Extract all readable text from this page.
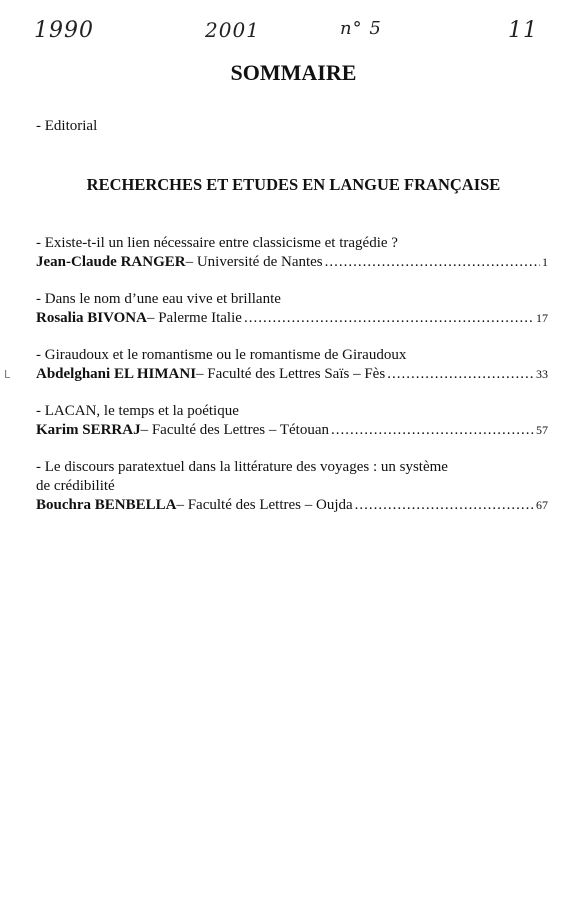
1990	2001	n° 5	11
SOMMAIRE
- Editorial
RECHERCHES ET ETUDES EN LANGUE FRANÇAISE
L
- Existe-t-il un lien nécessaire entre classicisme et tragédie ?
Jean-Claude RANGER – Université de Nantes .....	1
- Dans le nom d’une eau vive et brillante
Rosalia BIVONA – Palerme Italie .....	17
- Giraudoux et le romantisme ou le romantisme de Giraudoux
Abdelghani EL HIMANI – Faculté des Lettres Saïs – Fès .....	33
- LACAN, le temps et la poétique
Karim SERRAJ – Faculté des Lettres – Tétouan .....	57
- Le discours paratextuel dans la littérature des voyages : un système
de crédibilité
Bouchra BENBELLA – Faculté des Lettres – Oujda .....	67
